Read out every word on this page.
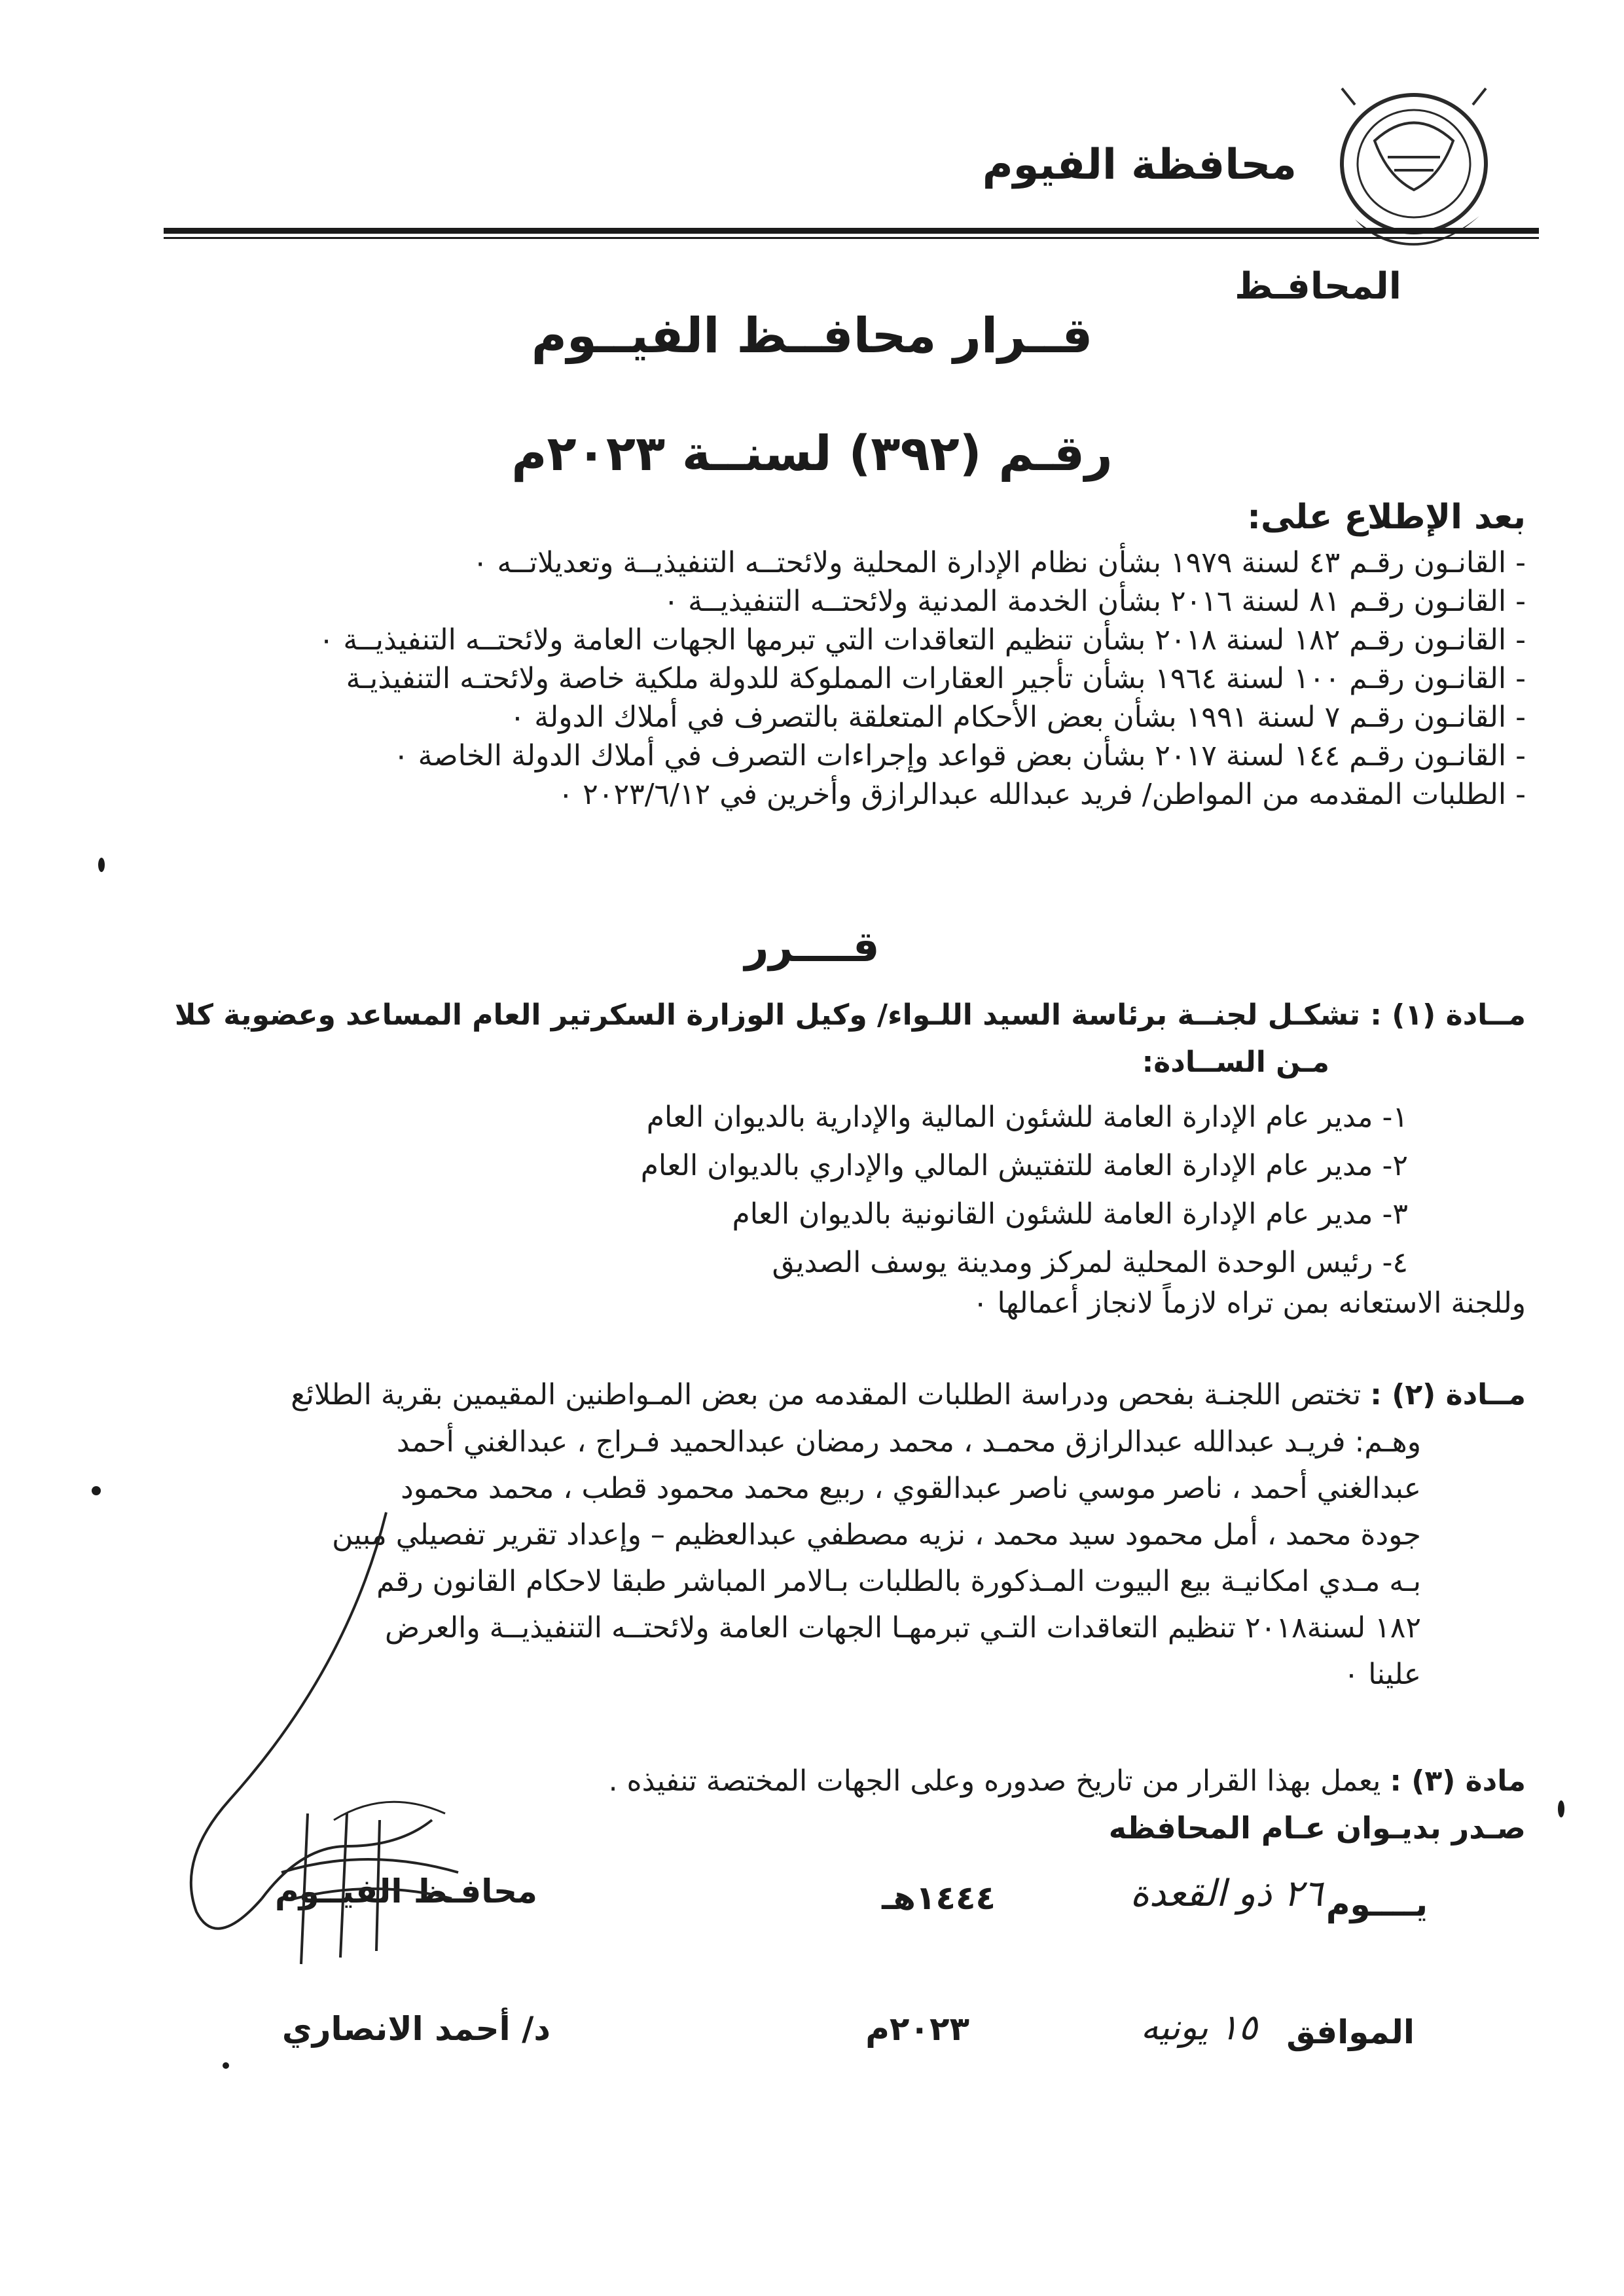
محافظة الفيوم
المحافـظ
قــرار محافــظ الفيــوم
رقـم (٣٩٢) لسنــة ٢٠٢٣م
بعد الإطلاع على:
- القانـون رقـم ٤٣ لسنة ١٩٧٩ بشأن نظام الإدارة المحلية ولائحتــه التنفيذيــة وتعديلاتــه ٠
- القانـون رقـم ٨١ لسنة ٢٠١٦ بشأن الخدمة المدنية ولائحتــه التنفيذيــة ٠
- القانـون رقـم ١٨٢ لسنة ٢٠١٨ بشأن تنظيم التعاقدات التي تبرمها الجهات العامة ولائحتــه التنفيذيــة ٠
- القانـون رقـم ١٠٠ لسنة ١٩٦٤ بشأن تأجير العقارات المملوكة للدولة ملكية خاصة ولائحتـه التنفيذيـة
- القانـون رقـم ٧ لسنة ١٩٩١ بشأن بعض الأحكام المتعلقة بالتصرف في أملاك الدولة ٠
- القانـون رقـم ١٤٤ لسنة ٢٠١٧ بشأن بعض قواعد وإجراءات التصرف في أملاك الدولة الخاصة ٠
- الطلبات المقدمه من المواطن/ فريد عبدالله عبدالرازق وأخرين في ٢٠٢٣/٦/١٢ ٠
قــــرر

مــادة (١) : تشكـل لجنــة برئاسة السيد اللـواء/ وكيل الوزارة السكرتير العام المساعد وعضوية كلا

مـن الســادة:

١- مدير عام الإدارة العامة للشئون المالية والإدارية بالديوان العام
٢- مدير عام الإدارة العامة للتفتيش المالي والإداري بالديوان العام
٣- مدير عام الإدارة العامة للشئون القانونية بالديوان العام
٤- رئيس الوحدة المحلية لمركز ومدينة يوسف الصديق
وللجنة الاستعانه بمن تراه لازماً لانجاز أعمالها ٠

مــادة (٢) : تختص اللجنـة بفحص ودراسة الطلبات المقدمه من بعض المـواطنين المقيمين بقرية الطلائع

وهـم: فريـد عبدالله عبدالرازق محمـد ، محمد رمضان عبدالحميد فـراج ، عبدالغني أحمد
عبدالغني أحمد ، ناصر موسي ناصر عبدالقوي ، ربيع محمد محمود قطب ، محمد محمود
جودة محمد ، أمل محمود سيد محمد ، نزيه مصطفي عبدالعظيم – وإعداد تقرير تفصيلي مبين
بـه مـدي امكانيـة بيع البيوت المـذكورة بالطلبات بـالامر المباشر طبقا لاحكام القانون رقم
١٨٢ لسنة٢٠١٨ تنظيم التعاقدات التـي تبرمهـا الجهات العامة ولائحتــه التنفيذيــة والعرض
علينا ٠

مادة (٣) : يعمل بهذا القرار من تاريخ صدوره وعلى الجهات المختصة تنفيذه .

صـدر بديـوان عـام المحافظه
يــــوم
٢٦ ذو القعدة
١٤٤٤هـ
الموافق
١٥ يونيه
٢٠٢٣م
محافـظ الفيــوم
د/ أحمد الانصاري
